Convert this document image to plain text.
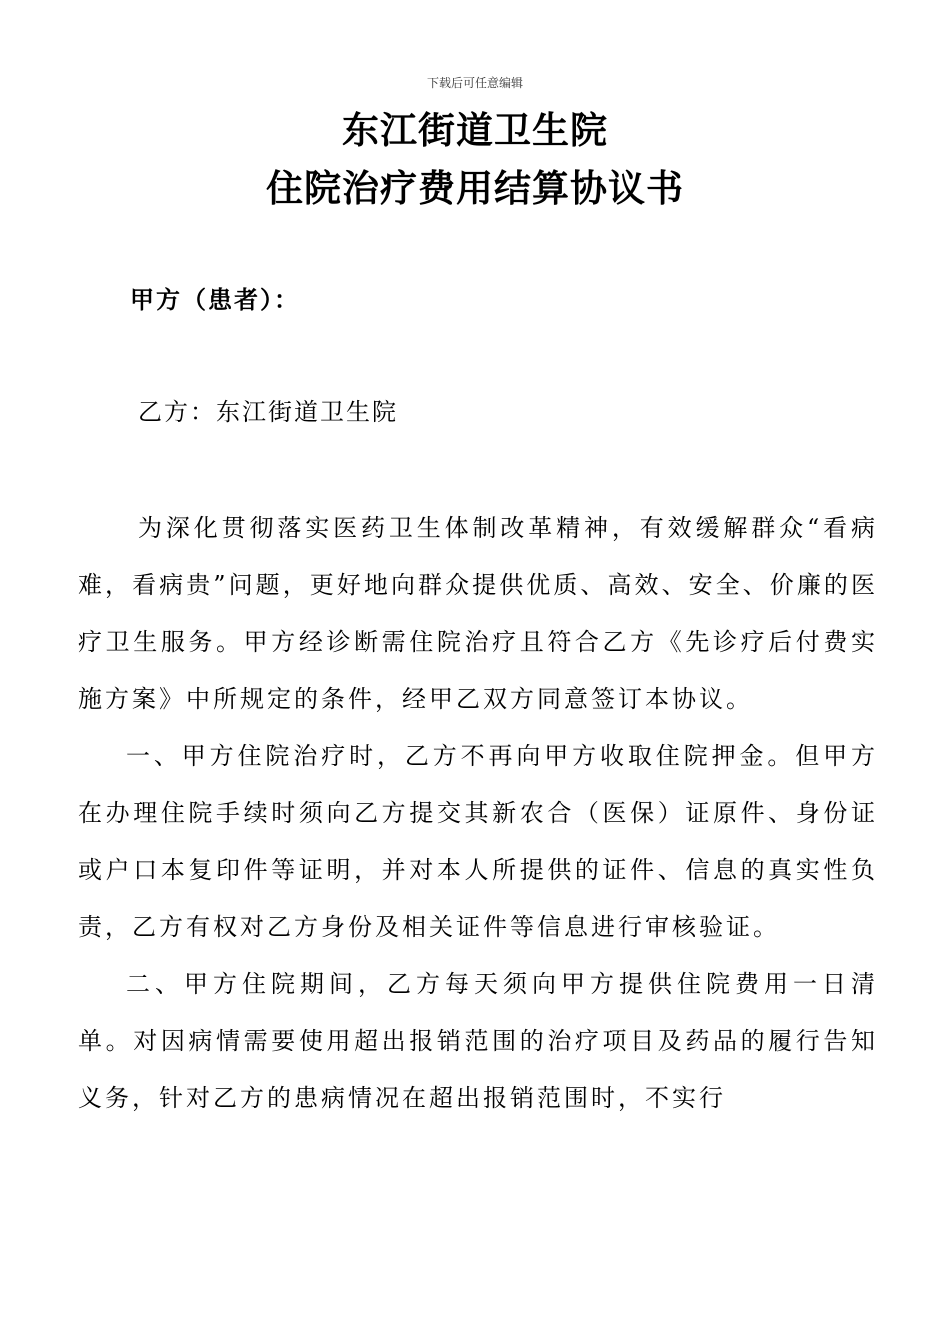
下载后可任意编辑
东江街道卫生院
住院治疗费用结算协议书
甲方（患者）：
乙方：东江街道卫生院

为深化贯彻落实医药卫生体制改革精神，有效缓解群众“看病难，看病贵”问题，更好地向群众提供优质、高效、安全、价廉的医疗卫生服务。甲方经诊断需住院治疗且符合乙方《先诊疗后付费实施方案》中所规定的条件，经甲乙双方同意签订本协议。

一、甲方住院治疗时，乙方不再向甲方收取住院押金。但甲方在办理住院手续时须向乙方提交其新农合（医保）证原件、身份证或户口本复印件等证明，并对本人所提供的证件、信息的真实性负责，乙方有权对乙方身份及相关证件等信息进行审核验证。

二、甲方住院期间，乙方每天须向甲方提供住院费用一日清单。对因病情需要使用超出报销范围的治疗项目及药品的履行告知义务，针对乙方的患病情况在超出报销范围时，不实行
